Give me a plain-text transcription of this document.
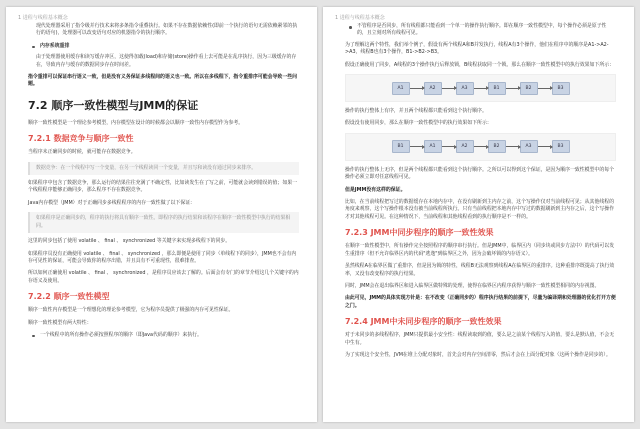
1 进程与线程基本概念

现代处理器采用了指令级并行技术来将多条指令重叠执行。如果不存在数据依赖性(即前一个执行的语句无需依赖紧邻的执行的语句)，处理器可以改变语句对应的机器指令的执行顺序。

内存系统重排

由于处理器使用缓存和读写缓存冲区，这使得加载(load)和存储(store)操作看上去可能是在乱序执行，因为三级缓存的存在，导致内存与缓存的数据同步存在时间差。

指令重排可以保证串行语义一致，但是没有义务保证多线程间的语义也一致。所以在多线程下，指令重排序可能会导致一些问题。

7.2 顺序一致性模型与JMM的保证

顺序一致性模型是一个理论参考模型，内存模型在设计的时候都会以顺序一致性内存模型作为参考。

7.2.1 数据竞争与顺序一致性

当程序未正确同步的时候，就可能存在数据竞争。

数据竞争：在一个线程中写一个变量，在另一个线程读同一个变量，并且写和读没有通过同步来排序。

如果程序中包含了数据竞争，那么运行的结果往往充满了不确定性，比如读发生在了写之前，可能就会读到错误的值；如果一个线程程序能够正确同步，那么程序不存在数据竞争。

Java内存模型（JMM）对于正确同步多线程程序的内存一致性做了以下保证：

如果程序是正确同步的，程序的执行将具有顺序一致性。即程序的执行结果和该程序在顺序一致性模型中执行的结果相同。

这里的同步包括了使用 volatile 、 final 、 synchronized 等关键字来实现多线程下的同步。

如果程序员没有正确使用 volatile 、 final 、 synchronized ，那么即便是使用了同步（单线程下的同步），JMM也不会有内存可见性的保证，可能会导致你的程序出错，并且具有不可重现性，很难排查。

所以如何正确使用 volatile 、 final 、 synchronized ，是程序员应该去了解的。后面会有专门的章节介绍这几个关键字的内存语义及使用。

7.2.2 顺序一致性模型

顺序一致性内存模型是一个理想化的理论参考模型，它为程序员提供了极强的内存可见性保证。

顺序一致性模型有两大特性：

一个线程中的所有操作必须按照程序的顺序（即Java代码的顺序）来执行。
1 进程与线程基本概念
不管程序是否同步，所有线程都只能看到一个单一的操作执行顺序。即在顺序一致性模型中，每个操作必须是原子性的，且立刻对所有线程可见。

为了理解这两个特性，我们举个例子，假设有两个线程A和B并发执行，线程A有3个操作，他们在程序中的顺序是A1->A2->A3，线程B也有3个操作，B1->B2->B3。

假设正确使用了同步，A线程的3个操作执行后释放锁，B线程获取同一个锁。那么在顺序一致性模型中的执行效果如下所示：

A1	A2	A3	B1	B2	B3

操作的执行整体上有序，并且两个线程都只能看到这个执行顺序。

假设没有使用同步，那么在顺序一致性模型中的执行效果如下所示：

B1	A1	A2	B2	A3	B3

操作的执行整体上无序，但是两个线程都只能看到这个执行顺序。之所以可以得到这个保证，是因为顺序一致性模型中的每个操作必须立即对任意线程可见。

但是JMM没有这样的保证。

比如，在当前线程把写过的数据缓存在本地内存中，在没有刷新到主内存之前，这个写操作仅对当前线程可见；从其他线程的角度来观察，这个写操作根本没有被当前线程所执行。只有当前线程把本地内存中写过的数据刷新到主内存之后，这个写操作才对其他线程可见。在这种情况下，当前线程和其他线程看到的执行顺序是不一样的。

7.2.3 JMM中同步程序的顺序一致性效果

在顺序一致性模型中，所有操作完全按照程序的顺序串行执行。但是JMM中，临界区内（同步块或同步方法中）的代码可以发生重排序（但不允许临界区内的代码"逃逸"到临界区之外，因为会破坏锁的内存语义）。

虽然线程A在临界区做了重排序，但是因为锁的特性，线程B无法观察到线程A在临界区的重排序。这种重排序既提高了执行效率，又没有改变程序的执行结果。

同时，JMM会在退出临界区和进入临界区做特殊的处理，使得在临界区内程序获得与顺序一致性模型相同的内存视图。

由此可见，JMM的具体实现方针是：在不改变（正确同步的）程序执行结果的前提下，尽量为编译期和处理器的优化打开方便之门。

7.2.4 JMM中未同步程序的顺序一致性效果

对于未同步的多线程程序，JMM只提供最小安全性：线程读取到的值，要么是之前某个线程写入的值，要么是默认值，不会无中生有。

为了实现这个安全性，JVM在堆上分配对象时，首先会对内存空间清零，然后才会在上面分配对象（这两个操作是同步的）。
